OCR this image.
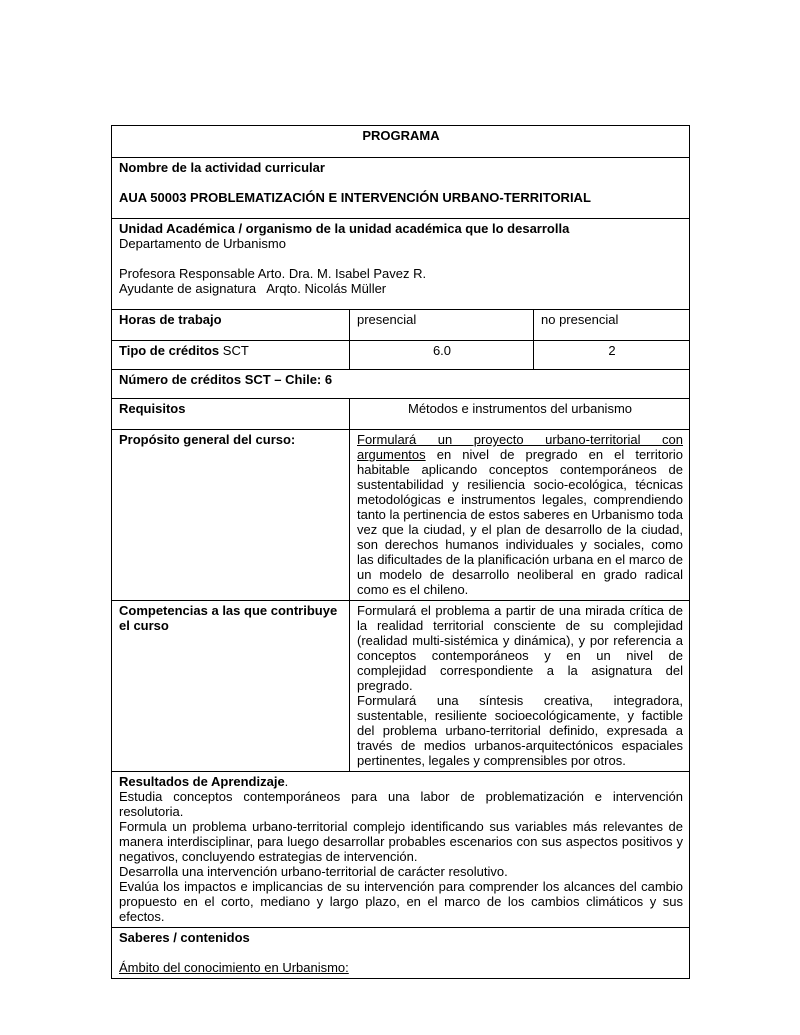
PROGRAMA		

Nombre de la actividad curricular

AUA 50003 PROBLEMATIZACIÓN E INTERVENCIÓN URBANO-TERRITORIAL		

Unidad Académica / organismo de la unidad académica que lo desarrolla

Departamento de Urbanismo

Profesora Responsable Arto. Dra. M. Isabel Pavez R.

Ayudante de asignatura   Arqto. Nicolás Müller		

Horas de trabajo	presencial	no presencial
Tipo de créditos SCT	6.0	2
Número de créditos SCT – Chile: 6		
Requisitos	Métodos e instrumentos del urbanismo	
Propósito general del curso:	Formulará un proyecto urbano-territorial con argumentos en nivel de pregrado en el territorio habitable aplicando conceptos contemporáneos de sustentabilidad y resiliencia socio-ecológica, técnicas metodológicas e instrumentos legales, comprendiendo tanto la pertinencia de estos saberes en Urbanismo toda vez que la ciudad, y el plan de desarrollo de la ciudad, son derechos humanos individuales y sociales, como las dificultades de la planificación urbana en el marco de un modelo de desarrollo neoliberal en grado radical como es el chileno.	
Competencias a las que contribuye el curso	Formulará el problema a partir de una mirada crítica de la realidad territorial consciente de su complejidad (realidad multi-sistémica y dinámica), y por referencia a conceptos contemporáneos y en un nivel de complejidad correspondiente a la asignatura del pregrado.

Formulará una síntesis creativa, integradora, sustentable, resiliente socioecológicamente, y factible del problema urbano-territorial definido, expresada a través de medios urbanos-arquitectónicos espaciales pertinentes, legales y comprensibles por otros.	

Resultados de Aprendizaje.

Estudia conceptos contemporáneos para una labor de problematización e intervención resolutoria.

Formula un problema urbano-territorial complejo identificando sus variables más relevantes de manera interdisciplinar, para luego desarrollar probables escenarios con sus aspectos positivos y negativos, concluyendo estrategias de intervención.

Desarrolla una intervención urbano-territorial de carácter resolutivo.

Evalúa los impactos e implicancias de su intervención para comprender los alcances del cambio propuesto en el corto, mediano y largo plazo, en el marco de los cambios climáticos y sus efectos.		

Saberes / contenidos

Ámbito del conocimiento en Urbanismo:		
